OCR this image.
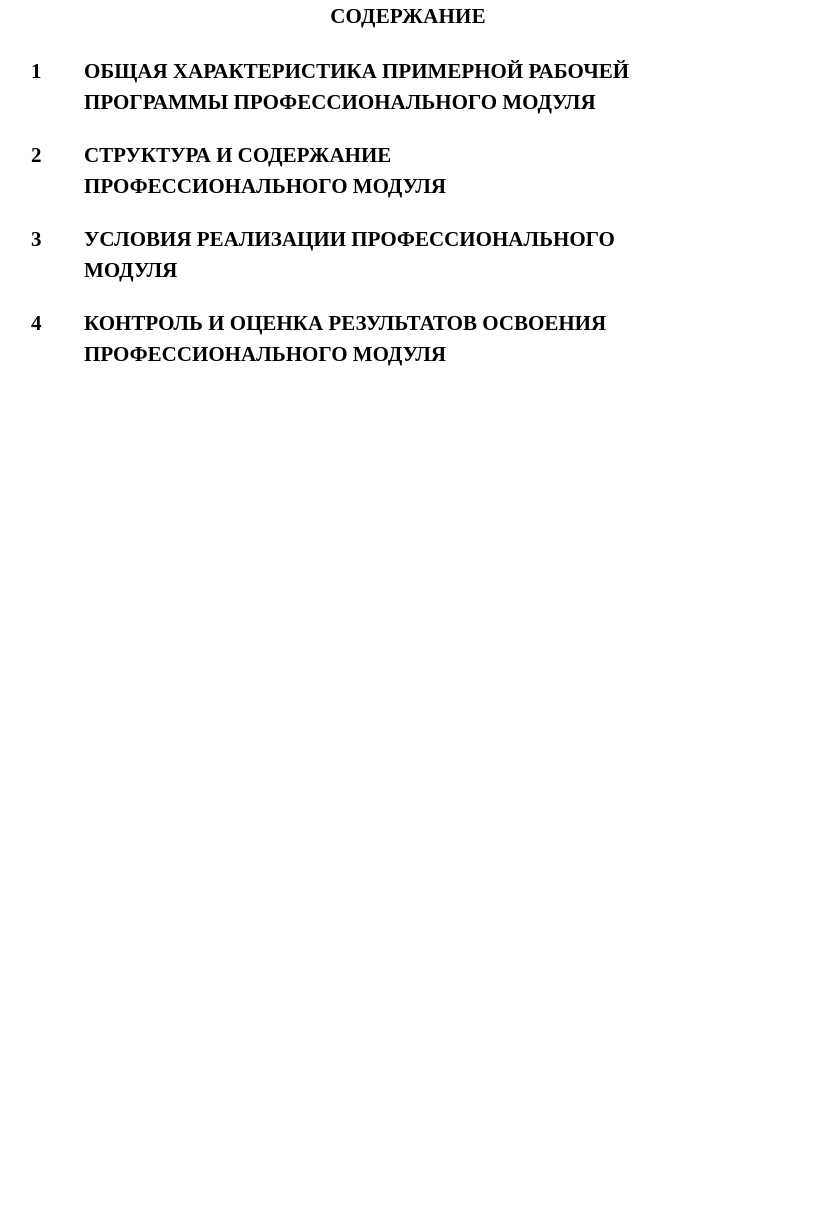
СОДЕРЖАНИЕ
1 ОБЩАЯ ХАРАКТЕРИСТИКА ПРИМЕРНОЙ РАБОЧЕЙ
ПРОГРАММЫ ПРОФЕССИОНАЛЬНОГО МОДУЛЯ
2 СТРУКТУРА И СОДЕРЖАНИЕ
ПРОФЕССИОНАЛЬНОГО МОДУЛЯ
3 УСЛОВИЯ РЕАЛИЗАЦИИ ПРОФЕССИОНАЛЬНОГО
МОДУЛЯ
4 КОНТРОЛЬ И ОЦЕНКА РЕЗУЛЬТАТОВ ОСВОЕНИЯ
ПРОФЕССИОНАЛЬНОГО МОДУЛЯ
